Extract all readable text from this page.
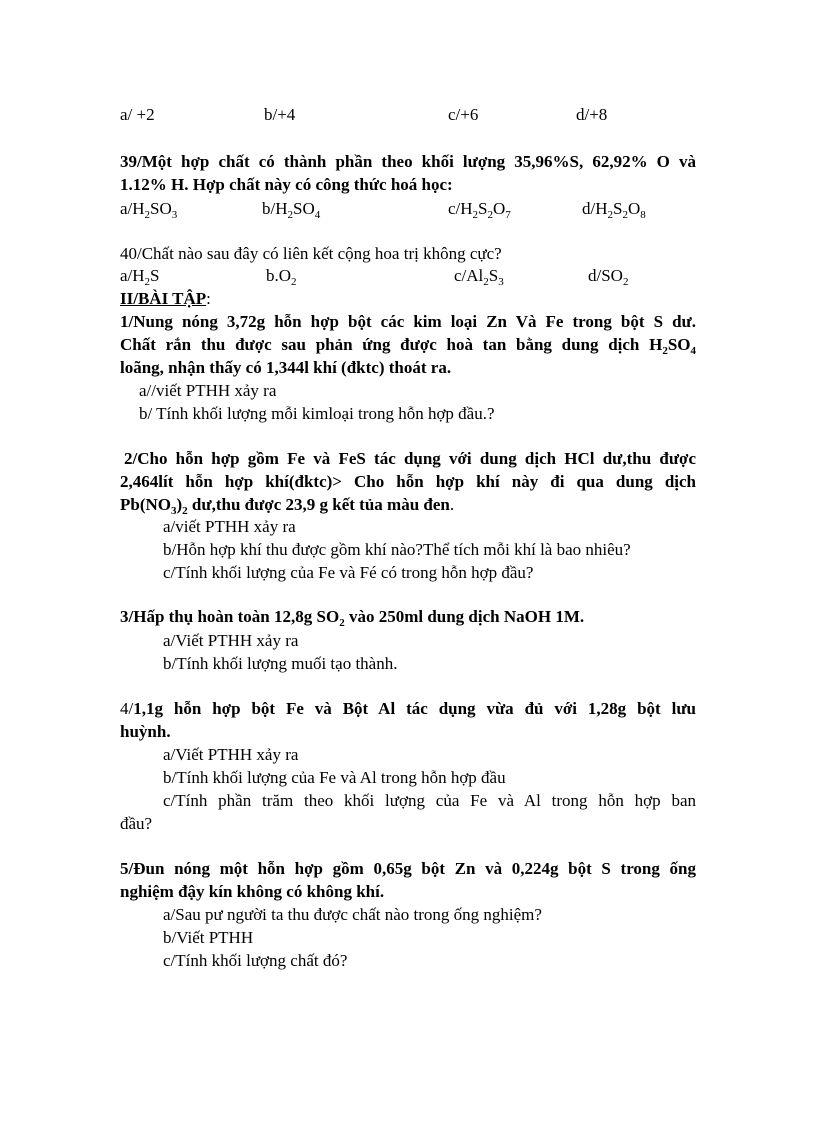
a/ +2	b/+4	c/+6	d/+8
39/Một hợp chất có thành phần theo khối lượng 35,96%S, 62,92% O và
1.12% H. Hợp chất này có công thức hoá học:
$a/H_2SO_3$	$b/H_2SO_4$	$c/H_2S_2O_7$	$d/H_2S_2O_8$
40/Chất nào sau đây có liên kết cộng hoa trị không cực?
$a/H_2S$	$b.O_2$	$c/Al_2S_3$	$d/SO_2$
II/BÀI TẬP:
1/Nung nóng 3,72g hỗn hợp bột các kim loại Zn Và Fe trong bột S dư.
Chất rắn thu được sau phản ứng được hoà tan bằng dung dịch $H_2SO_4$
loãng, nhận thấy có 1,344l khí (đktc) thoát ra.
a//viết PTHH xảy ra
b/ Tính khối lượng mỗi kimloại trong hỗn hợp đầu.?
2/Cho hỗn hợp gồm Fe và FeS tác dụng với dung dịch HCl dư,thu được
2,464lít hỗn hợp khí(đktc)> Cho hỗn hợp khí này đi qua dung dịch
$Pb(NO_3)_2$ dư,thu được 23,9 g kết tủa màu đen.
a/viết PTHH xảy ra
b/Hỗn hợp khí thu được gồm khí nào?Thể tích mỗi khí là bao nhiêu?
c/Tính khối lượng của Fe và Fé có trong hỗn hợp đầu?
3/Hấp thụ hoàn toàn 12,8g $SO_2$ vào 250ml dung dịch NaOH 1M.
a/Viết PTHH xảy ra
b/Tính khối lượng muối tạo thành.
4/1,1g hỗn hợp bột Fe và Bột Al tác dụng vừa đủ với 1,28g bột lưu
huỳnh.
a/Viết PTHH xảy ra
b/Tính khối lượng của Fe và Al trong hỗn hợp đầu
c/Tính phần trăm theo khối lượng của Fe và Al trong hỗn hợp ban
đầu?
5/Đun nóng một hỗn hợp gồm 0,65g bột Zn và 0,224g bột S trong ống
nghiệm đậy kín không có không khí.
a/Sau pư người ta thu được chất nào trong ống nghiệm?
b/Viết PTHH
c/Tính khối lượng chất đó?
